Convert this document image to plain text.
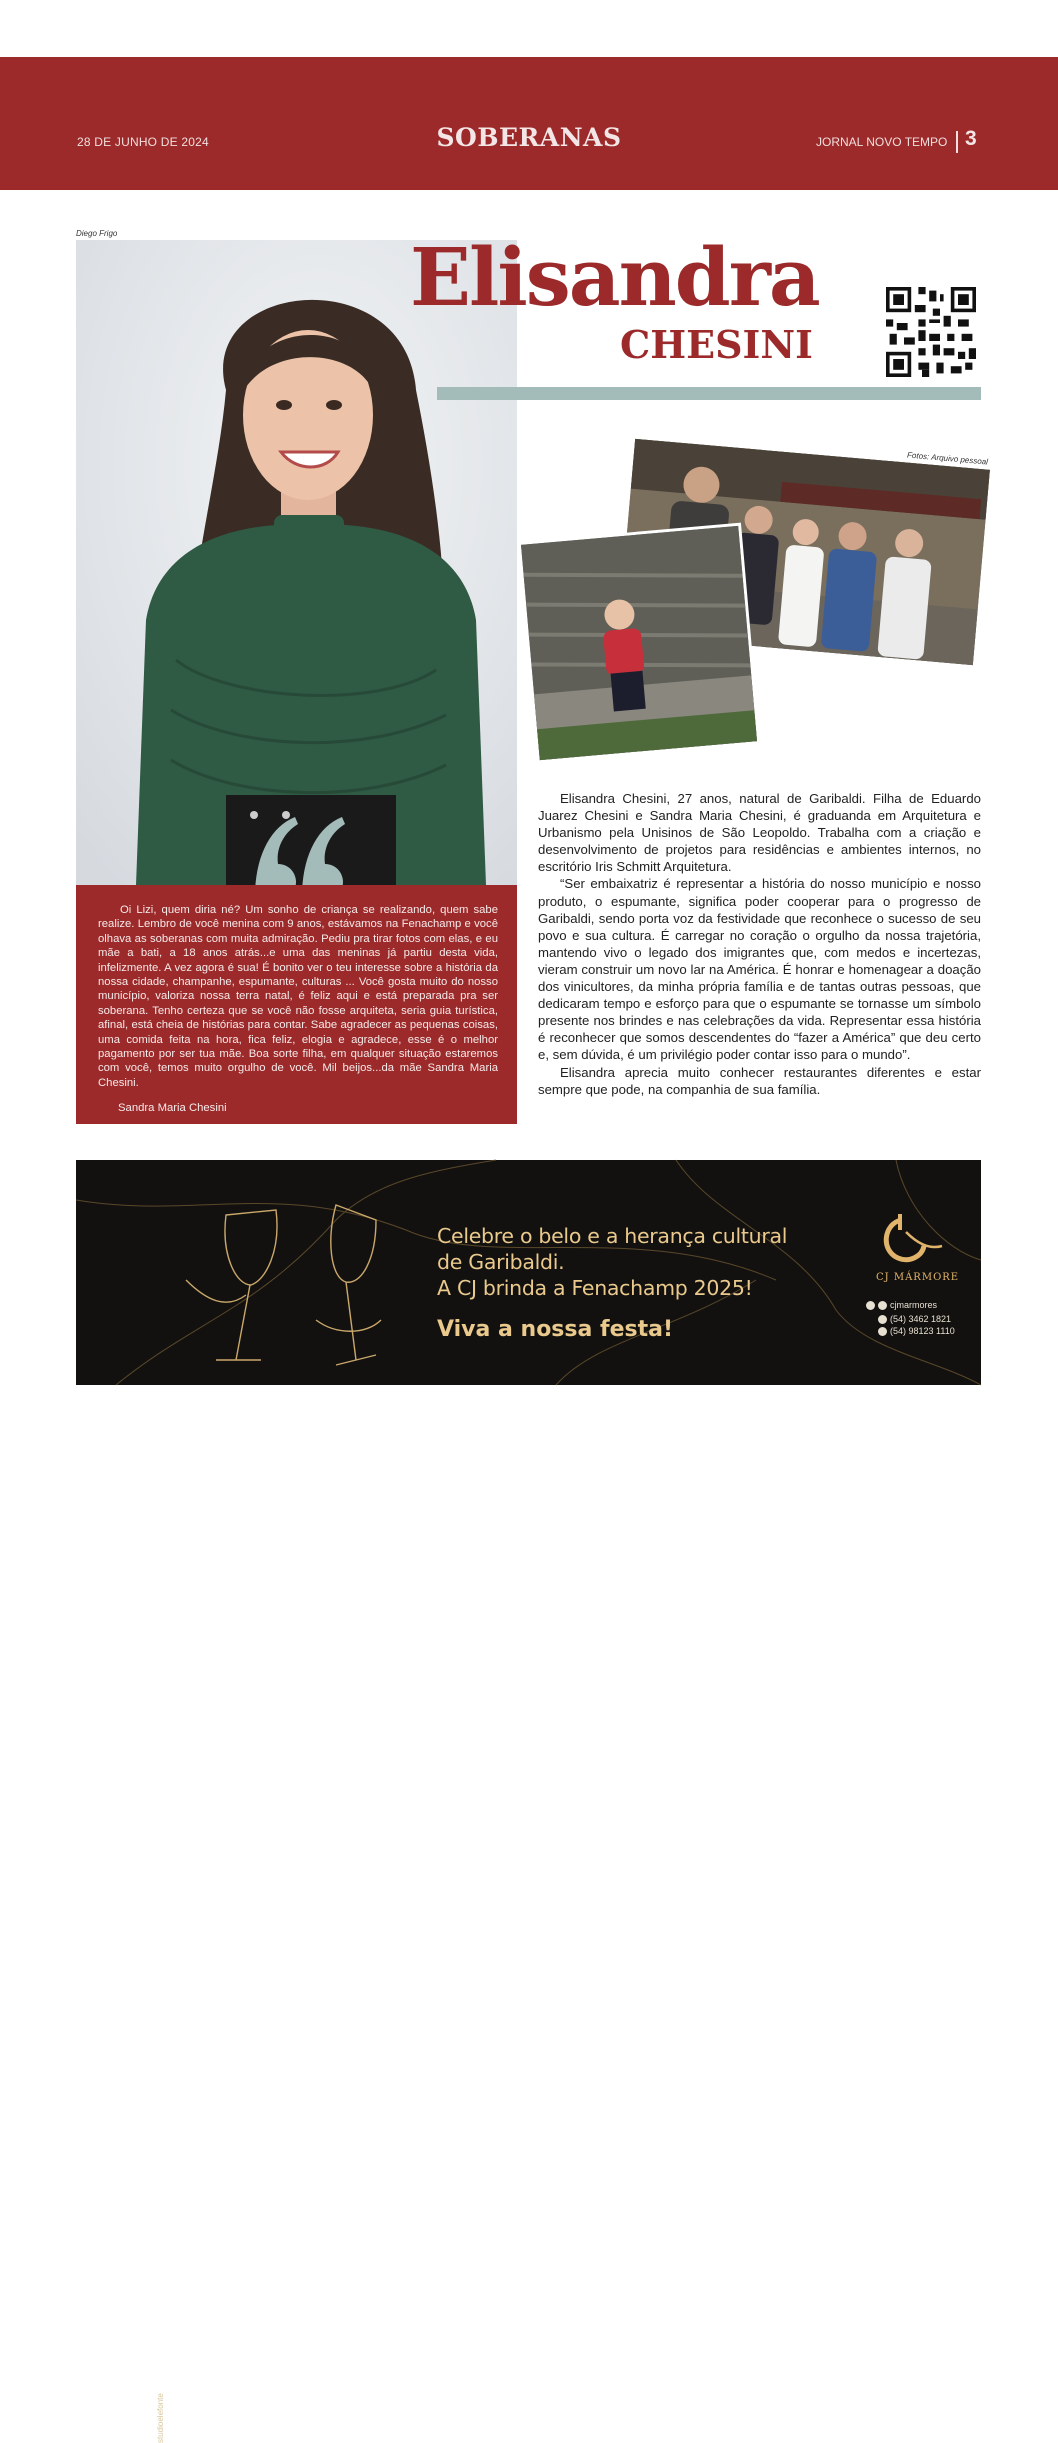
28 DE JUNHO DE 2024	SOBERANAS	JORNAL NOVO TEMPO 3
Diego Frigo	Elisandra
CHESINI
Fotos: Arquivo pessoal

Oi Lizi, quem diria né? Um sonho de criança se realizando, quem sabe realize. Lembro de você menina com 9 anos, estávamos na Fenachamp e você olhava as soberanas com muita admiração. Pediu pra tirar fotos com elas, e eu mãe a bati, a 18 anos atrás...e uma das meninas já partiu desta vida, infelizmente. A vez agora é sua! É bonito ver o teu interesse sobre a história da nossa cidade, champanhe, espumante, culturas ... Você gosta muito do nosso município, valoriza nossa terra natal, é feliz aqui e está preparada pra ser soberana. Tenho certeza que se você não fosse arquiteta, seria guia turística, afinal, está cheia de histórias para contar. Sabe agradecer as pequenas coisas, uma comida feita na hora, fica feliz, elogia e agradece, esse é o melhor pagamento por ser tua mãe. Boa sorte filha, em qualquer situação estaremos com você, temos muito orgulho de você. Mil beijos...da mãe Sandra Maria Chesini.

Sandra Maria Chesini

Elisandra Chesini, 27 anos, natural de Garibaldi. Filha de Eduardo Juarez Chesini e Sandra Maria Chesini, é graduanda em Arquitetura e Urbanismo pela Unisinos de São Leopoldo. Trabalha com a criação e desenvolvimento de projetos para residências e ambientes internos, no escritório Iris Schmitt Arquitetura.

“Ser embaixatriz é representar a história do nosso município e nosso produto, o espumante, significa poder cooperar para o progresso de Garibaldi, sendo porta voz da festividade que reconhece o sucesso de seu povo e sua cultura. É carregar no coração o orgulho da nossa trajetória, mantendo vivo o legado dos imigrantes que, com medos e incertezas, vieram construir um novo lar na América. É honrar e homenagear a doação dos vinicultores, da minha própria família e de tantas outras pessoas, que dedicaram tempo e esforço para que o espumante se tornasse um símbolo presente nos brindes e nas celebrações da vida. Representar essa história é reconhecer que somos descendentes do “fazer a América” que deu certo e, sem dúvida, é um privilégio poder contar isso para o mundo”.

Elisandra aprecia muito conhecer restaurantes diferentes e estar sempre que pode, na companhia de sua família.

studioelefonte
Celebre o belo e a herança cultural
de Garibaldi.
A CJ brinda a Fenachamp 2025!
Viva a nossa festa!
CJ MÁRMORE
cjmarmores
(54) 3462 1821
(54) 98123 1110
